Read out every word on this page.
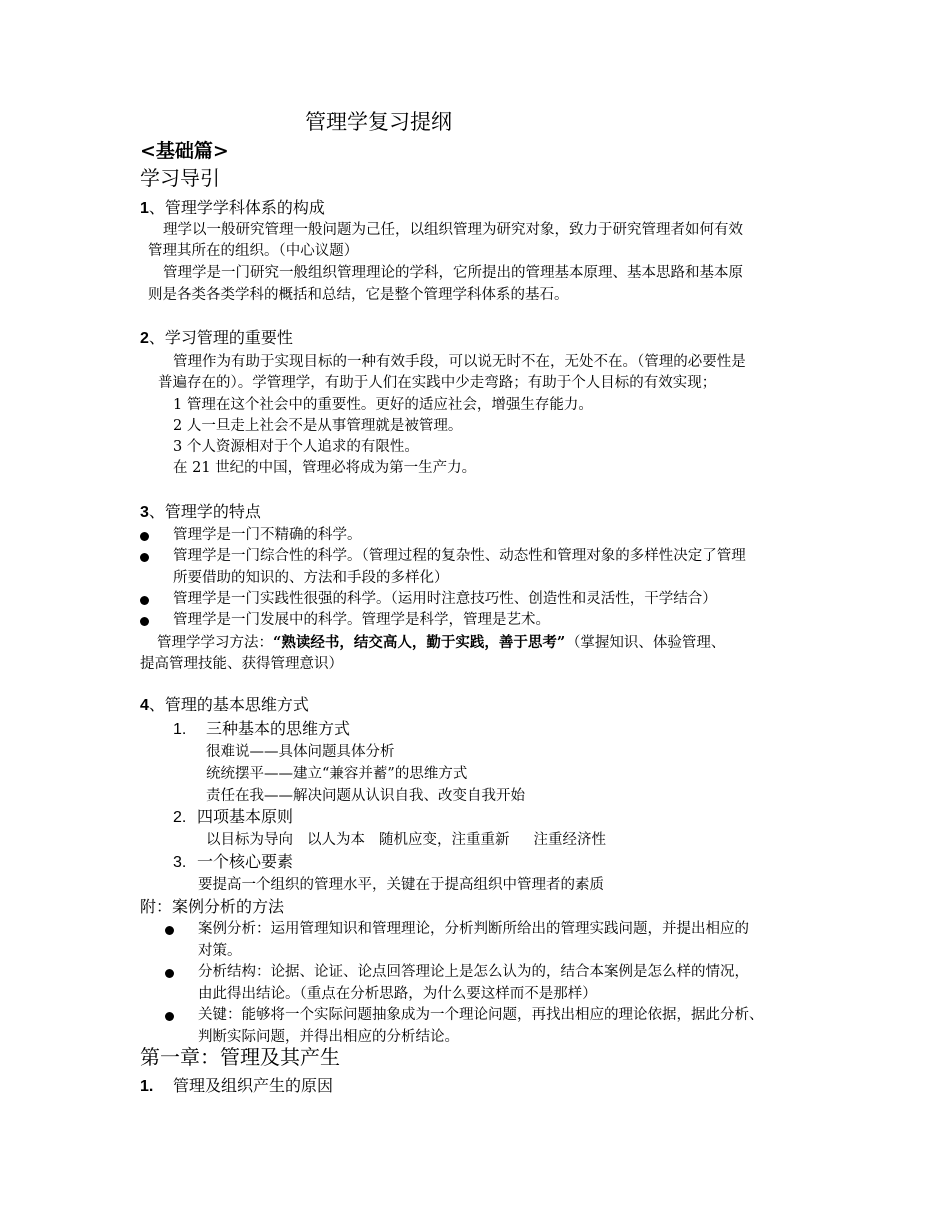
管理学复习提纲
<基础篇>
学习导引
1、管理学学科体系的构成
理学以一般研究管理一般问题为己任，以组织管理为研究对象，致力于研究管理者如何有效
管理其所在的组织。（中心议题）
管理学是一门研究一般组织管理理论的学科，它所提出的管理基本原理、基本思路和基本原
则是各类各类学科的概括和总结，它是整个管理学科体系的基石。
2、学习管理的重要性
管理作为有助于实现目标的一种有效手段，可以说无时不在，无处不在。（管理的必要性是
普遍存在的）。学管理学，有助于人们在实践中少走弯路；有助于个人目标的有效实现；
1 管理在这个社会中的重要性。更好的适应社会，增强生存能力。
2 人一旦走上社会不是从事管理就是被管理。
3 个人资源相对于个人追求的有限性。
在 21 世纪的中国，管理必将成为第一生产力。
3、管理学的特点
管理学是一门不精确的科学。
管理学是一门综合性的科学。（管理过程的复杂性、动态性和管理对象的多样性决定了管理
所要借助的知识的、方法和手段的多样化）
管理学是一门实践性很强的科学。（运用时注意技巧性、创造性和灵活性，干学结合）
管理学是一门发展中的科学。管理学是科学，管理是艺术。
管理学学习方法：“熟读经书，结交高人，勤于实践，善于思考” （掌握知识、体验管理、
提高管理技能、获得管理意识）
4、管理的基本思维方式
1. 三种基本的思维方式
很难说——具体问题具体分析
统统摆平——建立“兼容并蓄”的思维方式
责任在我——解决问题从认识自我、改变自我开始
2. 四项基本原则
以目标为导向 以人为本 随机应变，注重重新 注重经济性
3. 一个核心要素
要提高一个组织的管理水平，关键在于提高组织中管理者的素质
附：案例分析的方法
案例分析：运用管理知识和管理理论，分析判断所给出的管理实践问题，并提出相应的
对策。
分析结构：论据、论证、论点回答理论上是怎么认为的，结合本案例是怎么样的情况，
由此得出结论。（重点在分析思路，为什么要这样而不是那样）
关键：能够将一个实际问题抽象成为一个理论问题，再找出相应的理论依据，据此分析、
判断实际问题，并得出相应的分析结论。
第一章：管理及其产生
1. 管理及组织产生的原因
